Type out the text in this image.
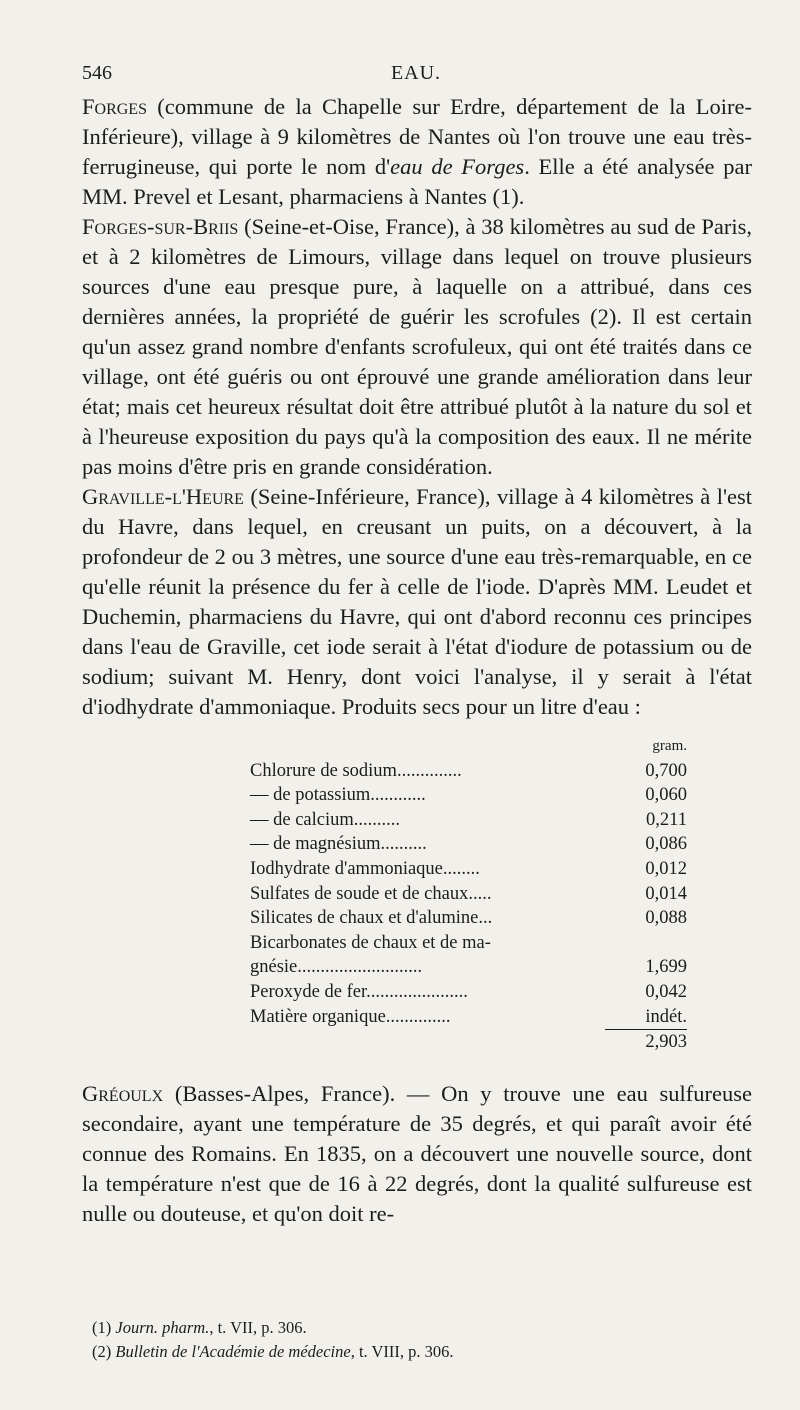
546	EAU.

Forges (commune de la Chapelle sur Erdre, département de la Loire-Inférieure), village à 9 kilomètres de Nantes où l'on trouve une eau très-ferrugineuse, qui porte le nom d'eau de Forges. Elle a été analysée par MM. Prevel et Lesant, pharmaciens à Nantes (1).

Forges-sur-Briis (Seine-et-Oise, France), à 38 kilomètres au sud de Paris, et à 2 kilomètres de Limours, village dans lequel on trouve plusieurs sources d'une eau presque pure, à laquelle on a attribué, dans ces dernières années, la propriété de guérir les scrofules (2). Il est certain qu'un assez grand nombre d'enfants scrofuleux, qui ont été traités dans ce village, ont été guéris ou ont éprouvé une grande amélioration dans leur état; mais cet heureux résultat doit être attribué plutôt à la nature du sol et à l'heureuse exposition du pays qu'à la composition des eaux. Il ne mérite pas moins d'être pris en grande considération.

Graville-l'Heure (Seine-Inférieure, France), village à 4 kilomètres à l'est du Havre, dans lequel, en creusant un puits, on a découvert, à la profondeur de 2 ou 3 mètres, une source d'une eau très-remarquable, en ce qu'elle réunit la présence du fer à celle de l'iode. D'après MM. Leudet et Duchemin, pharmaciens du Havre, qui ont d'abord reconnu ces principes dans l'eau de Graville, cet iode serait à l'état d'iodure de potassium ou de sodium; suivant M. Henry, dont voici l'analyse, il y serait à l'état d'iodhydrate d'ammoniaque. Produits secs pour un litre d'eau :

	gram.
Chlorure de sodium..............	0,700
— de potassium............	0,060
— de calcium..........	0,211
— de magnésium..........	0,086
Iodhydrate d'ammoniaque........	0,012
Sulfates de soude et de chaux.....	0,014
Silicates de chaux et d'alumine...	0,088
Bicarbonates de chaux et de ma-	
gnésie...........................	1,699
Peroxyde de fer......................	0,042
Matière organique..............	indét.
	2,903

Gréoulx (Basses-Alpes, France). — On y trouve une eau sulfureuse secondaire, ayant une température de 35 degrés, et qui paraît avoir été connue des Romains. En 1835, on a découvert une nouvelle source, dont la température n'est que de 16 à 22 degrés, dont la qualité sulfureuse est nulle ou douteuse, et qu'on doit re-

(1) Journ. pharm., t. VII, p. 306.
(2) Bulletin de l'Académie de médecine, t. VIII, p. 306.
